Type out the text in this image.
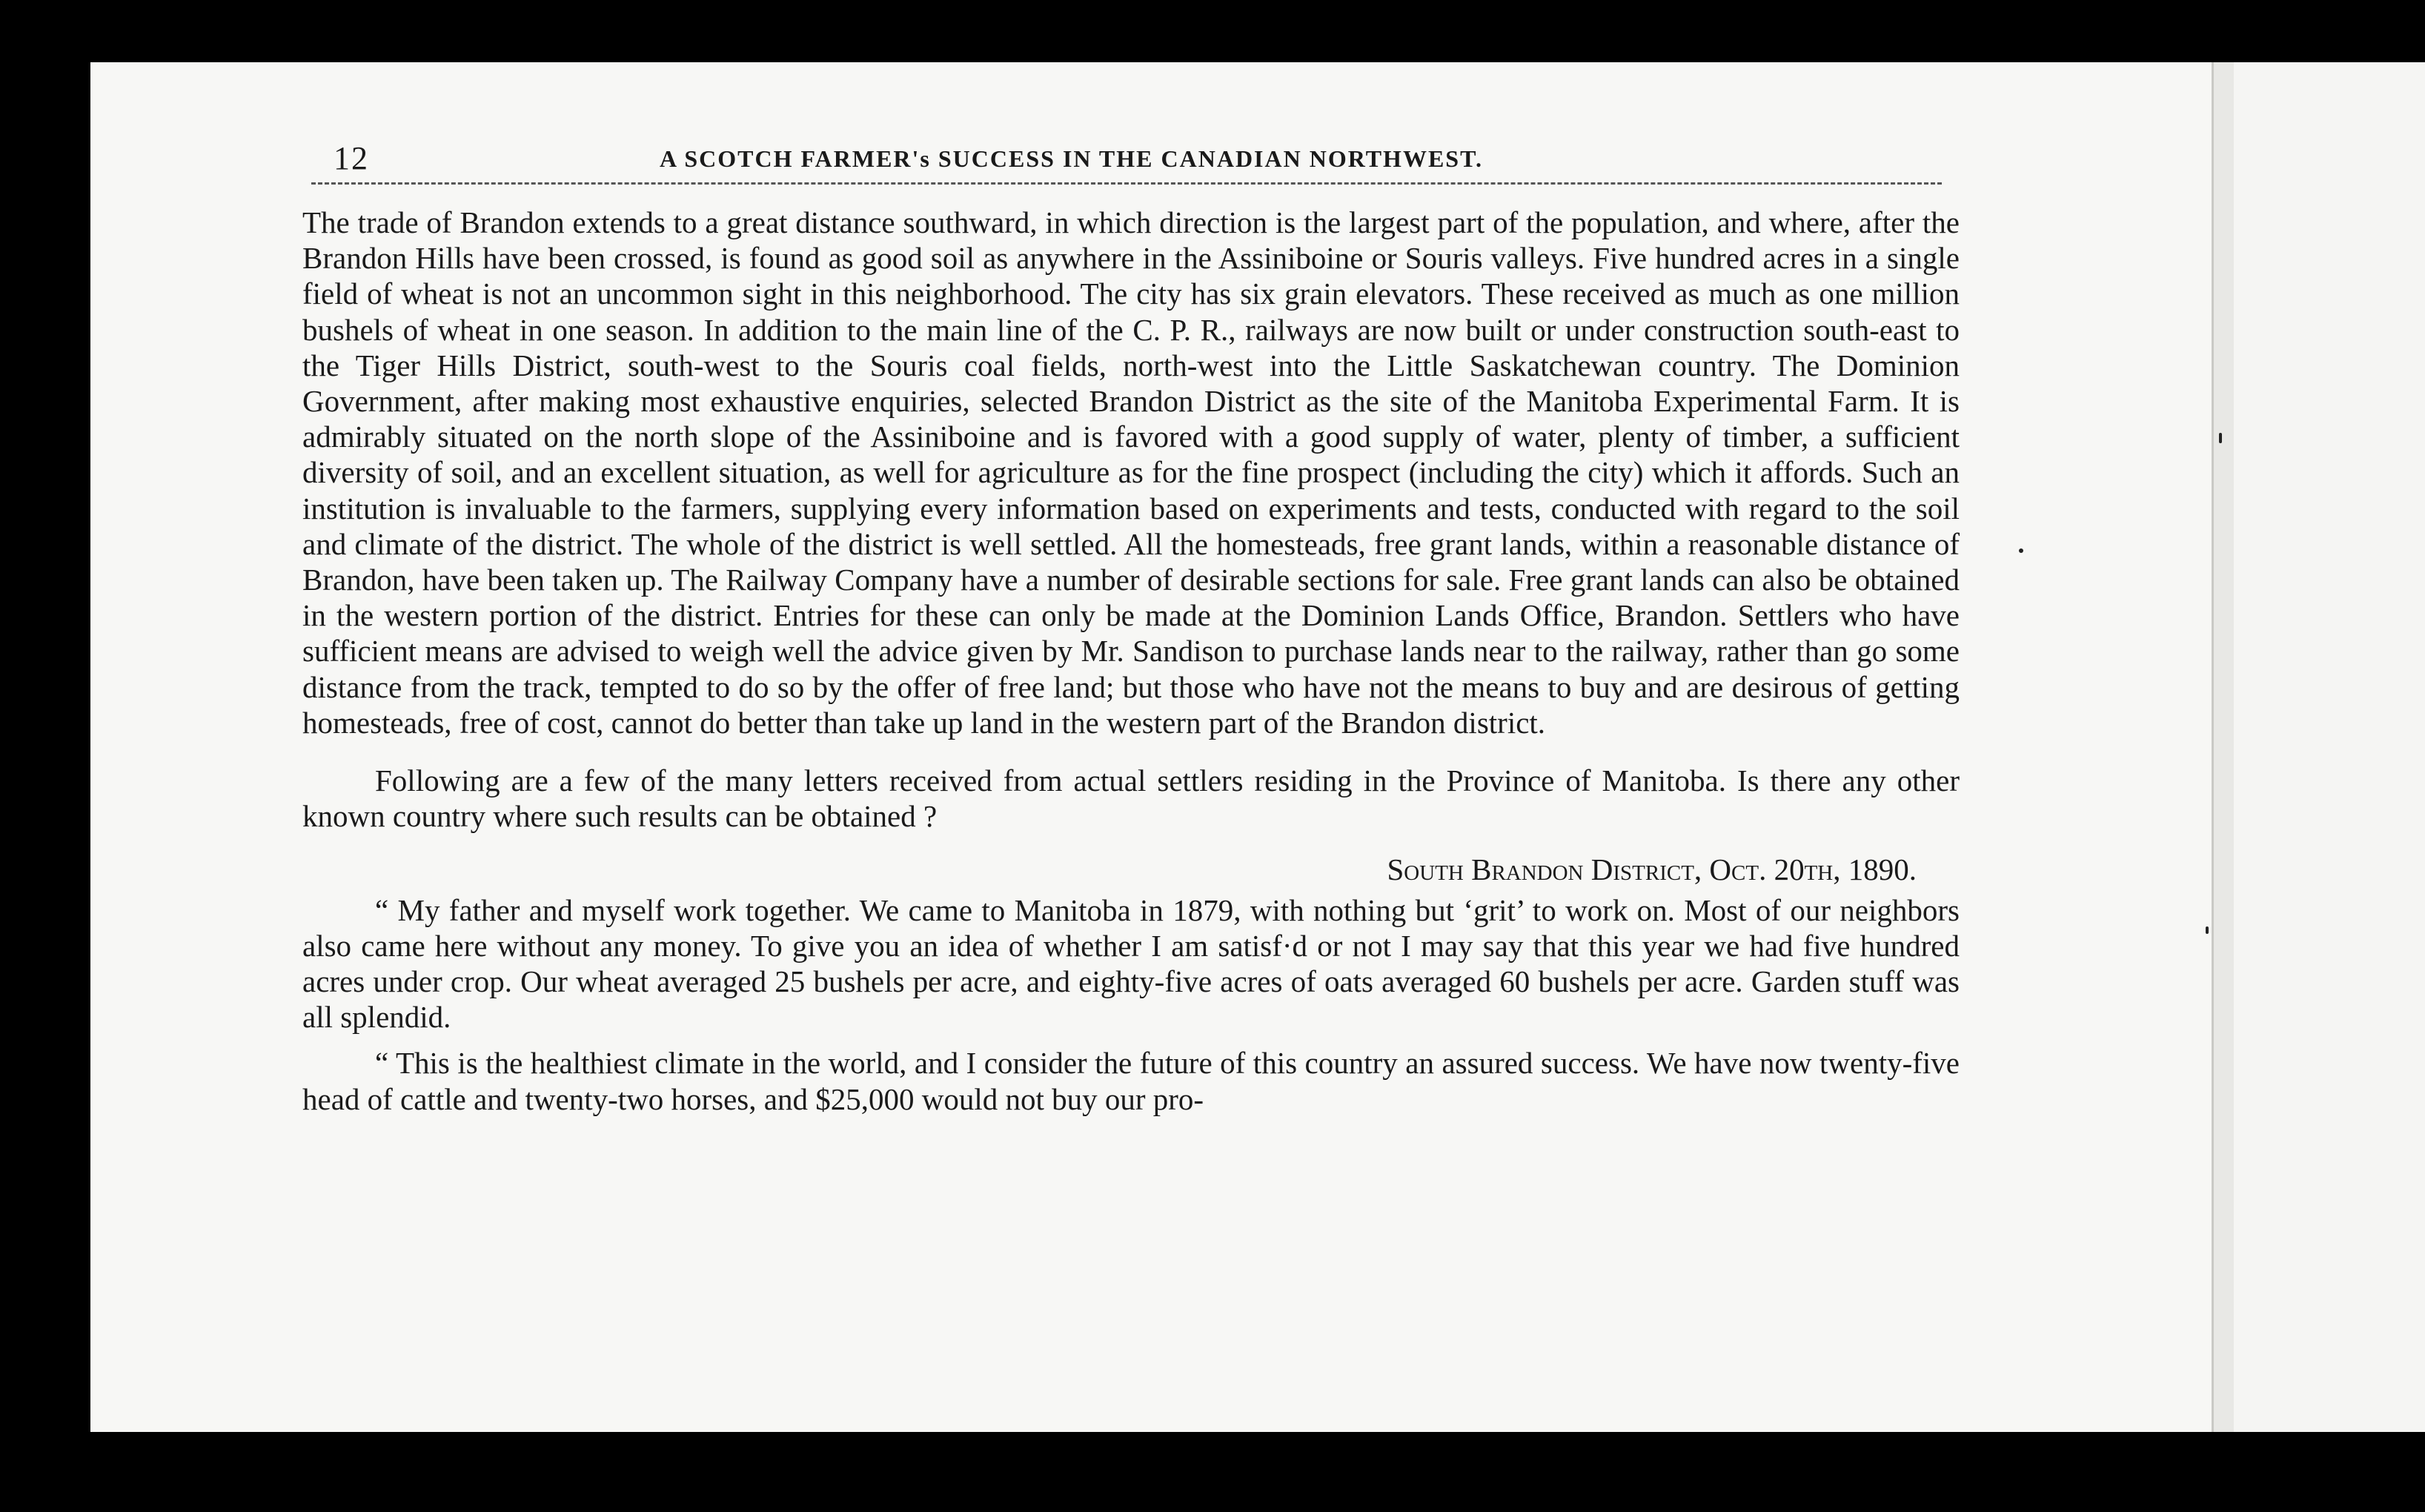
12	A SCOTCH FARMER's SUCCESS IN THE CANADIAN NORTHWEST.

The trade of Brandon extends to a great distance southward, in which direction is the largest part of the population, and where, after the Brandon Hills have been crossed, is found as good soil as anywhere in the Assiniboine or Souris valleys. Five hundred acres in a single field of wheat is not an uncommon sight in this neighborhood. The city has six grain elevators. These received as much as one million bushels of wheat in one season. In addition to the main line of the C. P. R., railways are now built or under construction south-east to the Tiger Hills District, south-west to the Souris coal fields, north-west into the Little Saskatchewan country. The Dominion Government, after making most exhaustive enquiries, selected Brandon District as the site of the Manitoba Experimental Farm. It is admirably situated on the north slope of the Assiniboine and is favored with a good supply of water, plenty of timber, a sufficient diversity of soil, and an excellent situation, as well for agriculture as for the fine prospect (including the city) which it affords. Such an institution is invaluable to the farmers, supplying every information based on experiments and tests, conducted with regard to the soil and climate of the district. The whole of the district is well settled. All the homesteads, free grant lands, within a reasonable distance of Brandon, have been taken up. The Railway Company have a number of desirable sections for sale. Free grant lands can also be obtained in the western portion of the district. Entries for these can only be made at the Dominion Lands Office, Brandon. Settlers who have sufficient means are advised to weigh well the advice given by Mr. Sandison to purchase lands near to the railway, rather than go some distance from the track, tempted to do so by the offer of free land; but those who have not the means to buy and are desirous of getting homesteads, free of cost, cannot do better than take up land in the western part of the Brandon district.

Following are a few of the many letters received from actual settlers residing in the Province of Manitoba. Is there any other known country where such results can be obtained ?

South Brandon District, Oct. 20th, 1890.

“ My father and myself work together. We came to Manitoba in 1879, with nothing but ‘grit’ to work on. Most of our neighbors also came here without any money. To give you an idea of whether I am satisf·d or not I may say that this year we had five hundred acres under crop. Our wheat averaged 25 bushels per acre, and eighty-five acres of oats averaged 60 bushels per acre. Garden stuff was all splendid.

“ This is the healthiest climate in the world, and I consider the future of this country an assured success. We have now twenty-five head of cattle and twenty-two horses, and $25,000 would not buy our pro-
